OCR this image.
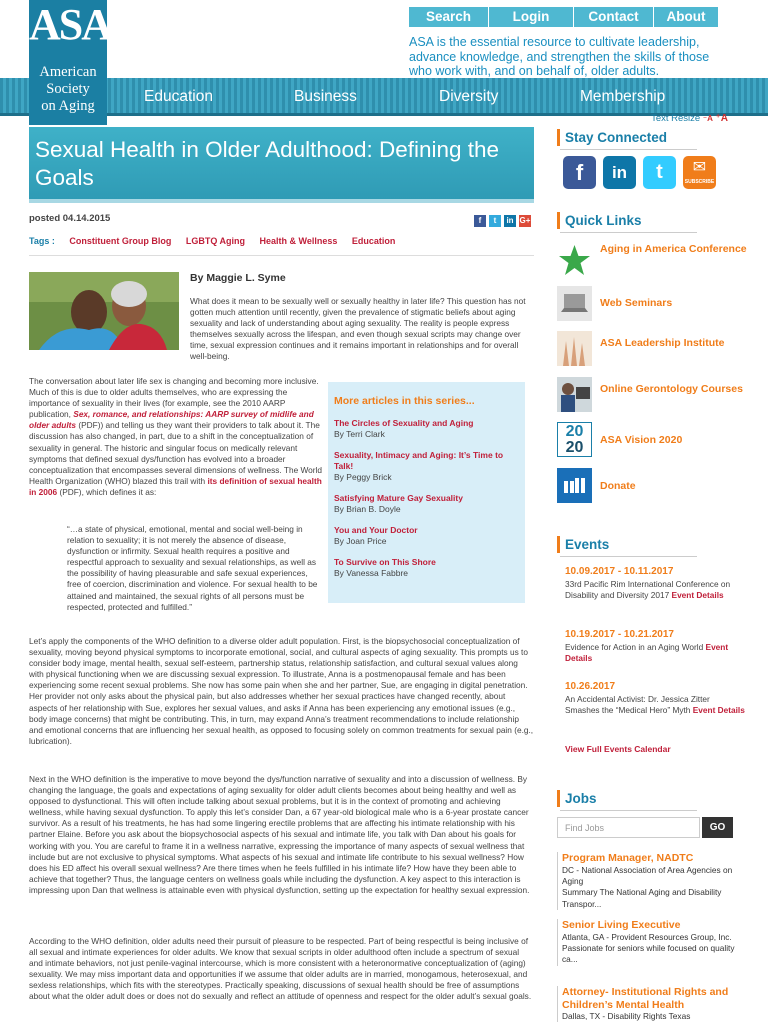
ASA
American
Society
on Aging
Search	Login	Contact	About
ASA is the essential resource to cultivate leadership, advance knowledge, and strengthen the skills of those who work with, and on behalf of, older adults.
Education	Business	Diversity	Membership
Text Resize ⁻A ⁺A
Sexual Health in Older Adulthood: Defining the Goals
posted 04.14.2015	f	t	in G+
Tags : Constituent Group Blog LGBTQ Aging Health & Wellness Education
By Maggie L. Syme
What does it mean to be sexually well or sexually healthy in later life? This question has not gotten much attention until recently, given the prevalence of stigmatic beliefs about aging sexuality and lack of understanding about aging sexuality. The reality is people express themselves sexually across the lifespan, and even though sexual scripts may change over time, sexual expression continues and it remains important in relationships and for overall well-being.
The conversation about later life sex is changing and becoming more inclusive. Much of this is due to older adults themselves, who are expressing the importance of sexuality in their lives (for example, see the 2010 AARP publication, Sex, romance, and relationships: AARP survey of midlife and older adults (PDF)) and telling us they want their providers to talk about it. The discussion has also changed, in part, due to a shift in the conceptualization of sexuality in general. The historic and singular focus on medically relevant symptoms that defined sexual dys/function has evolved into a broader conceptualization that encompasses several dimensions of wellness. The World Health Organization (WHO) blazed this trail with its definition of sexual health in 2006 (PDF), which defines it as:
“…a state of physical, emotional, mental and social well-being in relation to sexuality; it is not merely the absence of disease, dysfunction or infirmity. Sexual health requires a positive and respectful approach to sexuality and sexual relationships, as well as the possibility of having pleasurable and safe sexual experiences, free of coercion, discrimination and violence. For sexual health to be attained and maintained, the sexual rights of all persons must be respected, protected and fulfilled.”
More articles in this series...
The Circles of Sexuality and Aging
By Terri Clark
Sexuality, Intimacy and Aging: It’s Time to Talk!
By Peggy Brick
Satisfying Mature Gay Sexuality
By Brian B. Doyle
You and Your Doctor
By Joan Price
To Survive on This Shore
By Vanessa Fabbre
Let’s apply the components of the WHO definition to a diverse older adult population. First, is the biopsychosocial conceptualization of sexuality, moving beyond physical symptoms to incorporate emotional, social, and cultural aspects of aging sexuality. This prompts us to consider body image, mental health, sexual self-esteem, partnership status, relationship satisfaction, and cultural sexual values along with physical functioning when we are discussing sexual expression. To illustrate, Anna is a postmenopausal female and has been experiencing some recent sexual problems. She now has some pain when she and her partner, Sue, are engaging in digital penetration. Her provider not only asks about the physical pain, but also addresses whether her sexual practices have changed recently, about aspects of her relationship with Sue, explores her sexual values, and asks if Anna has been experiencing any emotional issues (e.g., body image concerns) that might be contributing. This, in turn, may expand Anna’s treatment recommendations to include relationship and emotional concerns that are influencing her sexual health, as opposed to focusing solely on common treatments for sexual pain (e.g., lubrication).
Next in the WHO definition is the imperative to move beyond the dys/function narrative of sexuality and into a discussion of wellness. By changing the language, the goals and expectations of aging sexuality for older adult clients becomes about being healthy and well as opposed to dysfunctional. This will often include talking about sexual problems, but it is in the context of promoting and achieving wellness, while having sexual dysfunction. To apply this let’s consider Dan, a 67 year-old biological male who is a 6-year prostate cancer survivor. As a result of his treatments, he has had some lingering erectile problems that are affecting his intimate relationship with his partner Elaine. Before you ask about the biopsychosocial aspects of his sexual and intimate life, you talk with Dan about his goals for working with you. You are careful to frame it in a wellness narrative, expressing the importance of many aspects of sexual wellness that include but are not exclusive to physical symptoms. What aspects of his sexual and intimate life contribute to his sexual wellness? How does his ED affect his overall sexual wellness? Are there times when he feels fulfilled in his intimate life? How have they been able to achieve that together? Thus, the language centers on wellness goals while including the dysfunction. A key aspect to this interaction is impressing upon Dan that wellness is attainable even with physical dysfunction, setting up the expectation for healthy sexual expression.
According to the WHO definition, older adults need their pursuit of pleasure to be respected. Part of being respectful is being inclusive of all sexual and intimate experiences for older adults. We know that sexual scripts in older adulthood often include a spectrum of sexual and intimate behaviors, not just penile-vaginal intercourse, which is more consistent with a heteronormative conceptualization of (aging) sexuality. We may miss important data and opportunities if we assume that older adults are in married, monogamous, heterosexual, and sexless relationships, which fits with the stereotypes. Practically speaking, discussions of sexual health should be free of assumptions about what the older adult does or does not do sexually and reflect an attitude of openness and respect for the older adult’s sexual goals.
Stay Connected
f	in	t	✉
SUBSCRIBE
Quick Links
Aging in America Conference
Web Seminars
ASA Leadership Institute
Online Gerontology Courses
20
20	ASA Vision 2020
Donate
Events
10.09.2017 - 10.11.2017
33rd Pacific Rim International Conference on Disability and Diversity 2017 Event Details
10.19.2017 - 10.21.2017
Evidence for Action in an Aging World Event Details
10.26.2017
An Accidental Activist: Dr. Jessica Zitter Smashes the “Medical Hero” Myth Event Details
View Full Events Calendar
Jobs
Find Jobs	GO
Program Manager, NADTC
DC - National Association of Area Agencies on Aging
Summary The National Aging and Disability Transpor...
Senior Living Executive
Atlanta, GA - Provident Resources Group, Inc.
Passionate for seniors while focused on quality ca...
Attorney- Institutional Rights and Children’s Mental Health
Dallas, TX - Disability Rights Texas
